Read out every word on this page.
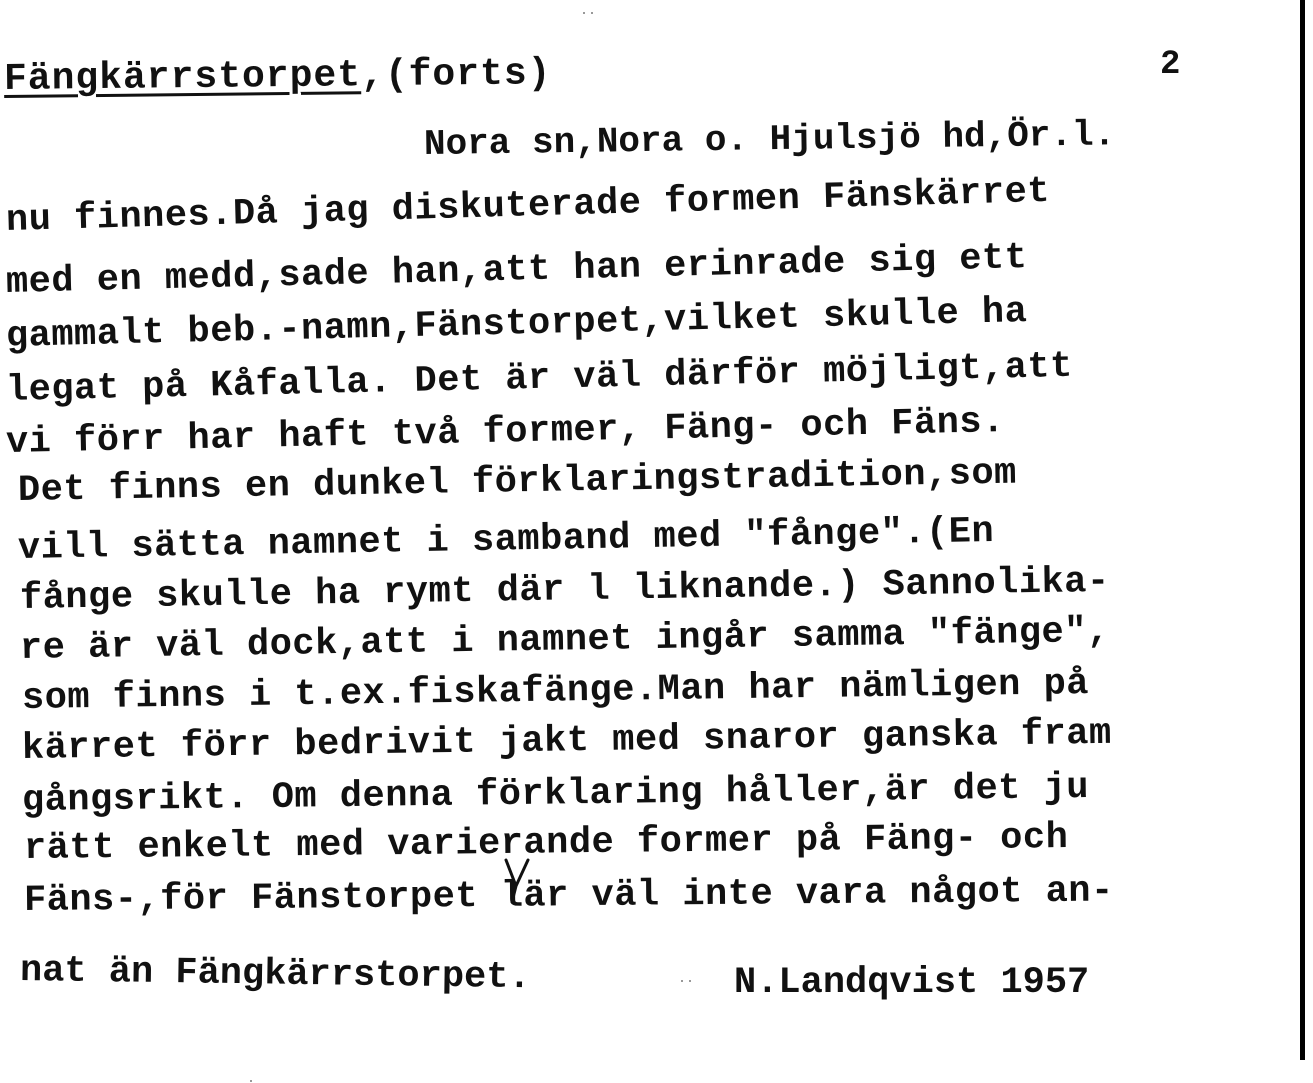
Fängkärrstorpet,(forts)	2
Nora sn,Nora o. Hjulsjö hd,Ör.l.
nu finnes.Då jag diskuterade formen Fänskärret
med en medd,sade han,att han erinrade sig ett
gammalt beb.-namn,Fänstorpet,vilket skulle ha
legat på Kåfalla. Det är väl därför möjligt,att
vi förr har haft två former, Fäng- och Fäns.
Det finns en dunkel förklaringstradition,som
vill sätta namnet i samband med "fånge".(En
fånge skulle ha rymt där l liknande.) Sannolika-
re är väl dock,att i namnet ingår samma "fänge",
som finns i t.ex.fiskafänge.Man har nämligen på
kärret förr bedrivit jakt med snaror ganska fram
gångsrikt. Om denna förklaring håller,är det ju
rätt enkelt med varierande former på Fäng- och
Fäns-,för Fänstorpet lär väl inte vara något an-
nat än Fängkärrstorpet.	N.Landqvist 1957
